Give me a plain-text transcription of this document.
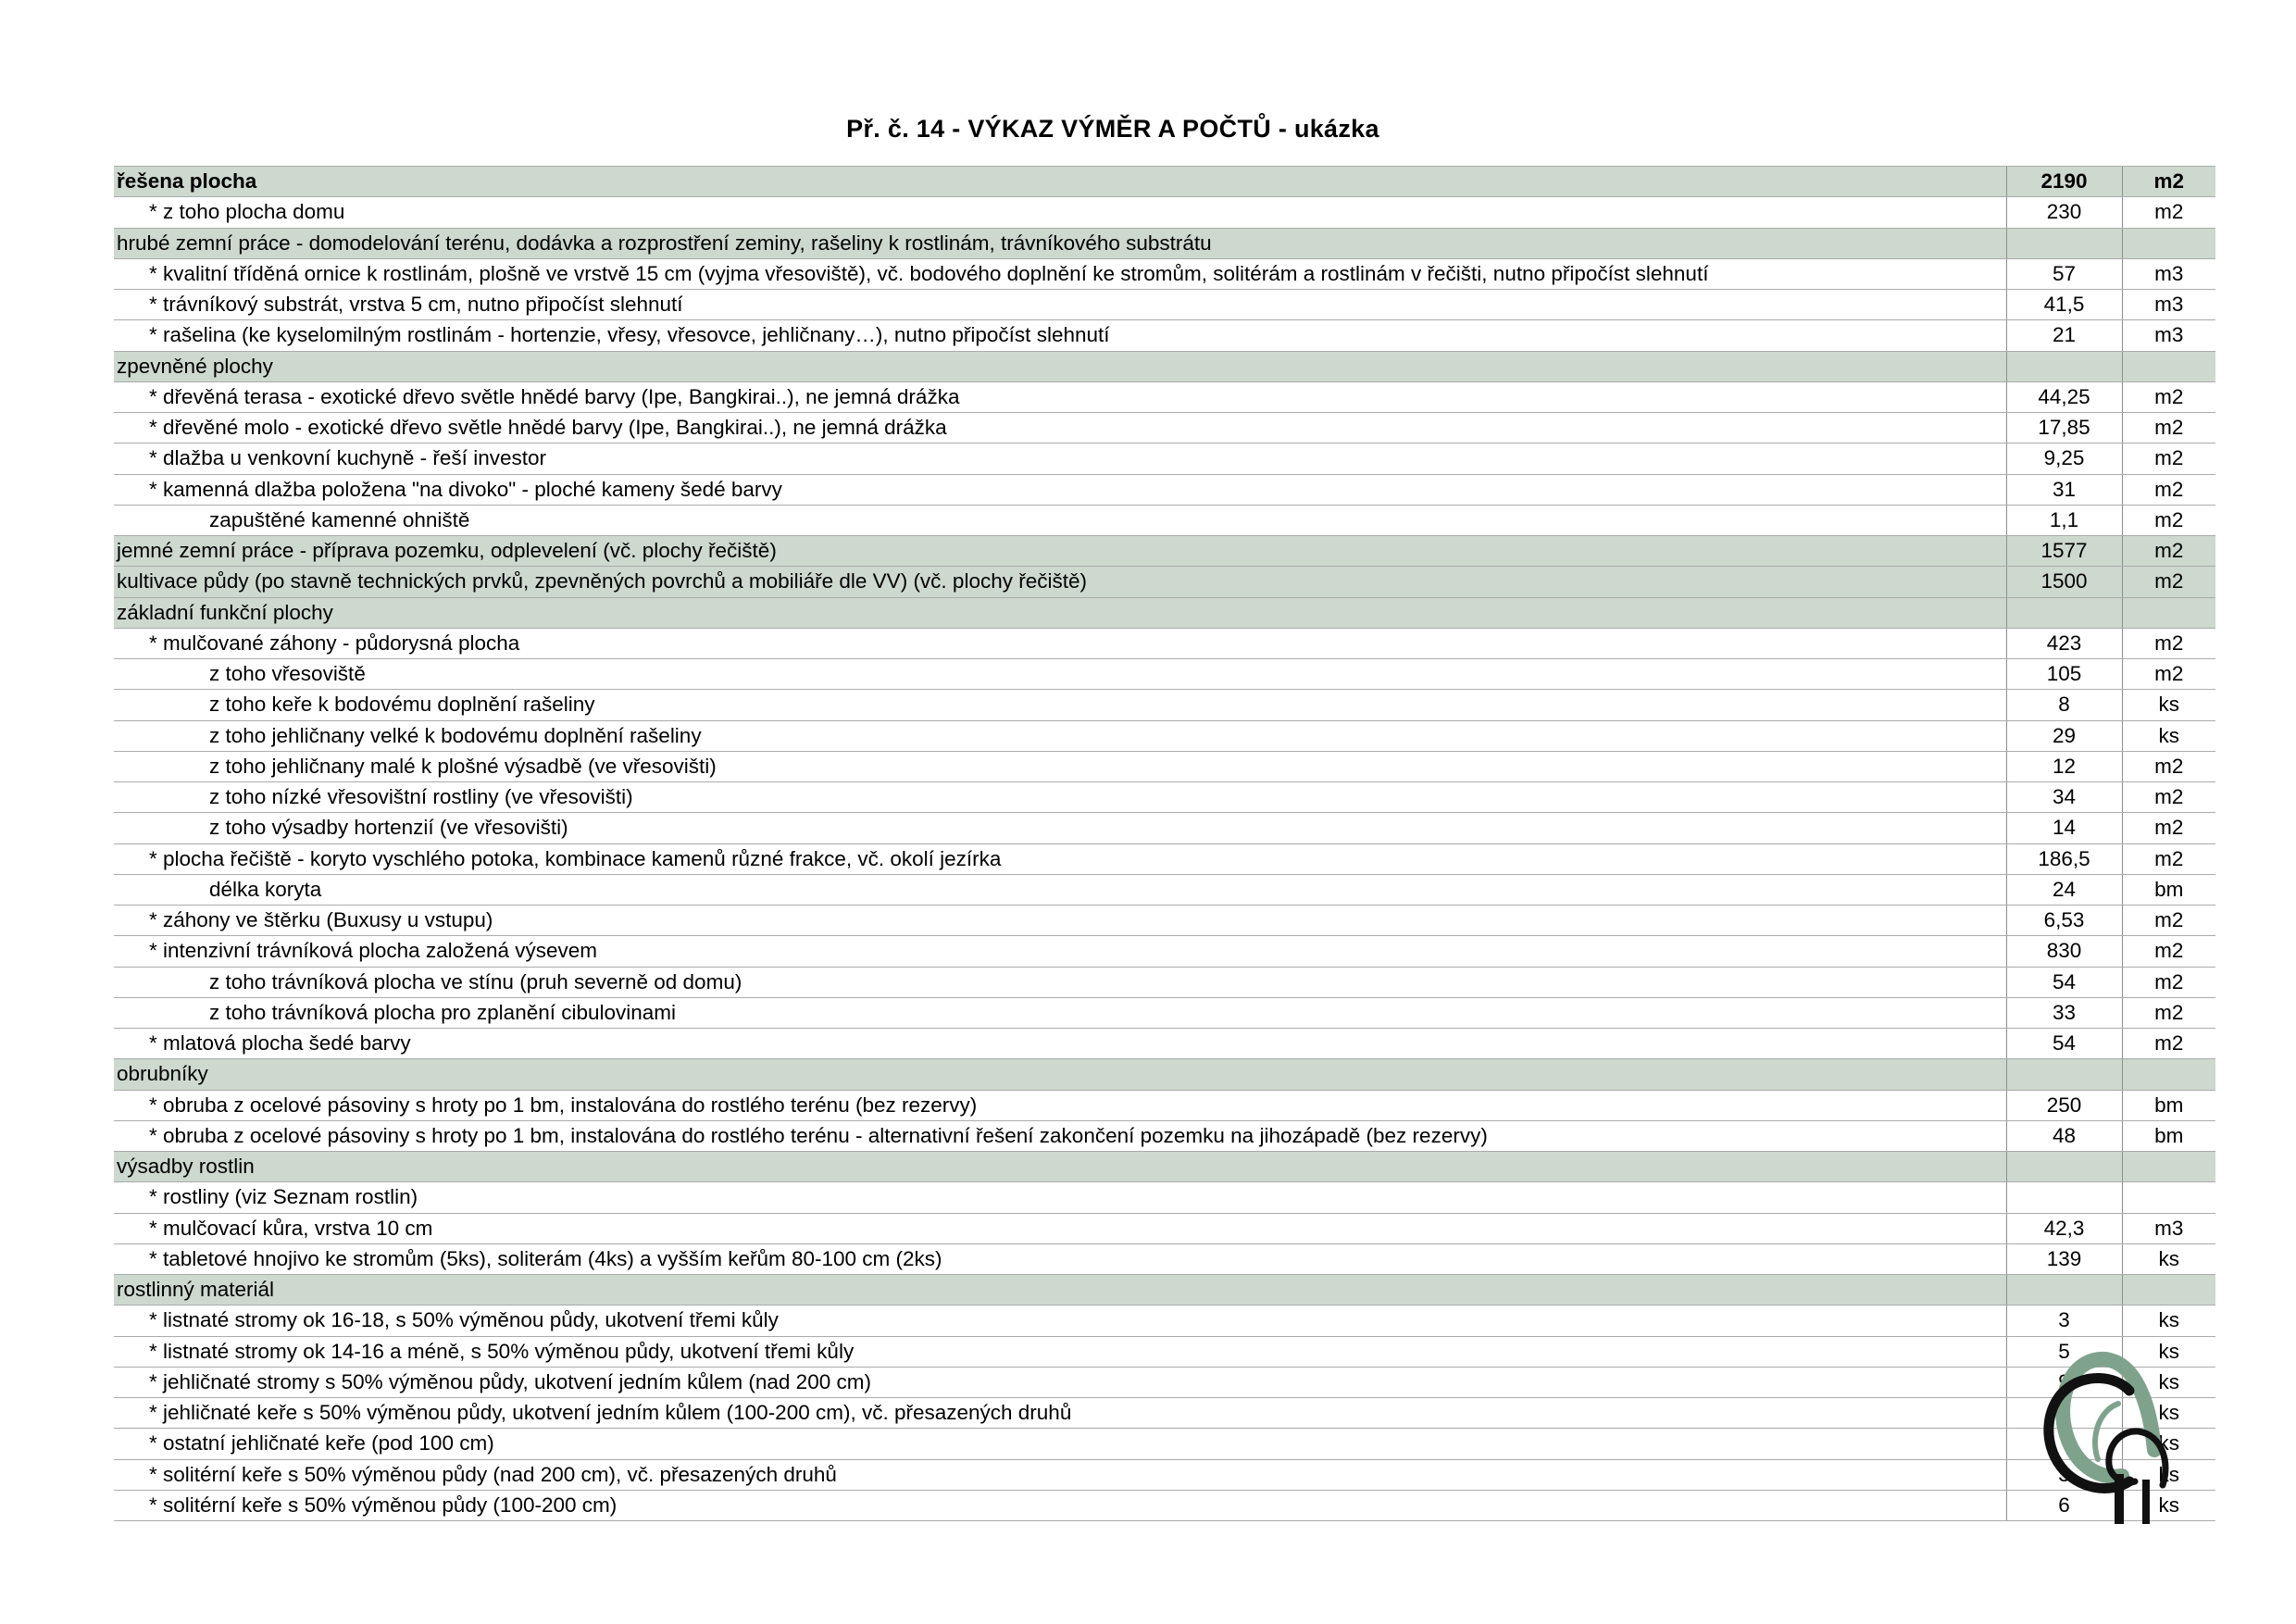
Př. č. 14 - VÝKAZ VÝMĚR A POČTŮ - ukázka
řešena plocha	2190	m2
* z toho plocha domu	230	m2
hrubé zemní práce - domodelování terénu, dodávka a rozprostření zeminy, rašeliny k rostlinám, trávníkového substrátu		
* kvalitní tříděná ornice k rostlinám, plošně ve vrstvě 15 cm (vyjma vřesoviště), vč. bodového doplnění ke stromům, solitérám a rostlinám v řečišti, nutno připočíst slehnutí	57	m3
* trávníkový substrát, vrstva 5 cm, nutno připočíst slehnutí	41,5	m3
* rašelina (ke kyselomilným rostlinám - hortenzie, vřesy, vřesovce, jehličnany…), nutno připočíst slehnutí	21	m3
zpevněné plochy		
* dřevěná terasa - exotické dřevo světle hnědé barvy (Ipe, Bangkirai..), ne jemná drážka	44,25	m2
* dřevěné molo - exotické dřevo světle hnědé barvy (Ipe, Bangkirai..), ne jemná drážka	17,85	m2
* dlažba u venkovní kuchyně - řeší investor	9,25	m2
* kamenná dlažba položena "na divoko" - ploché kameny šedé barvy	31	m2
zapuštěné kamenné ohniště	1,1	m2
jemné zemní práce - příprava pozemku, odplevelení (vč. plochy řečiště)	1577	m2
kultivace půdy (po stavně technických prvků, zpevněných povrchů a mobiliáře dle VV) (vč. plochy řečiště)	1500	m2
základní funkční plochy		
* mulčované záhony - půdorysná plocha	423	m2
z toho vřesoviště	105	m2
z toho keře k bodovému doplnění rašeliny	8	ks
z toho jehličnany velké k bodovému doplnění rašeliny	29	ks
z toho jehličnany malé k plošné výsadbě (ve vřesovišti)	12	m2
z toho nízké vřesovištní rostliny (ve vřesovišti)	34	m2
z toho výsadby hortenzií (ve vřesovišti)	14	m2
* plocha řečiště - koryto vyschlého potoka, kombinace kamenů různé frakce, vč. okolí jezírka	186,5	m2
délka koryta	24	bm
* záhony ve štěrku (Buxusy u vstupu)	6,53	m2
* intenzivní trávníková plocha založená výsevem	830	m2
z toho trávníková plocha ve stínu (pruh severně od domu)	54	m2
z toho trávníková plocha pro zplanění cibulovinami	33	m2
* mlatová plocha šedé barvy	54	m2
obrubníky		
* obruba z ocelové pásoviny s hroty po 1 bm, instalována do rostlého terénu (bez rezervy)	250	bm
* obruba z ocelové pásoviny s hroty po 1 bm, instalována do rostlého terénu - alternativní řešení zakončení pozemku na jihozápadě (bez rezervy)	48	bm
výsadby rostlin		
* rostliny (viz Seznam rostlin)		
* mulčovací kůra, vrstva 10 cm	42,3	m3
* tabletové hnojivo ke stromům (5ks), soliterám (4ks) a vyšším keřům 80-100 cm (2ks)	139	ks
rostlinný materiál		
* listnaté stromy ok 16-18, s 50% výměnou půdy, ukotvení třemi kůly	3	ks
* listnaté stromy ok 14-16 a méně, s 50% výměnou půdy, ukotvení třemi kůly	5	ks
* jehličnaté stromy s 50% výměnou půdy, ukotvení jedním kůlem (nad 200 cm)	9	ks
* jehličnaté keře s 50% výměnou půdy, ukotvení jedním kůlem (100-200 cm), vč. přesazených druhů		ks
* ostatní jehličnaté keře (pod 100 cm)		ks
* solitérní keře s 50% výměnou půdy (nad 200 cm), vč. přesazených druhů	3	ks
* solitérní keře s 50% výměnou půdy (100-200 cm)	6	ks
